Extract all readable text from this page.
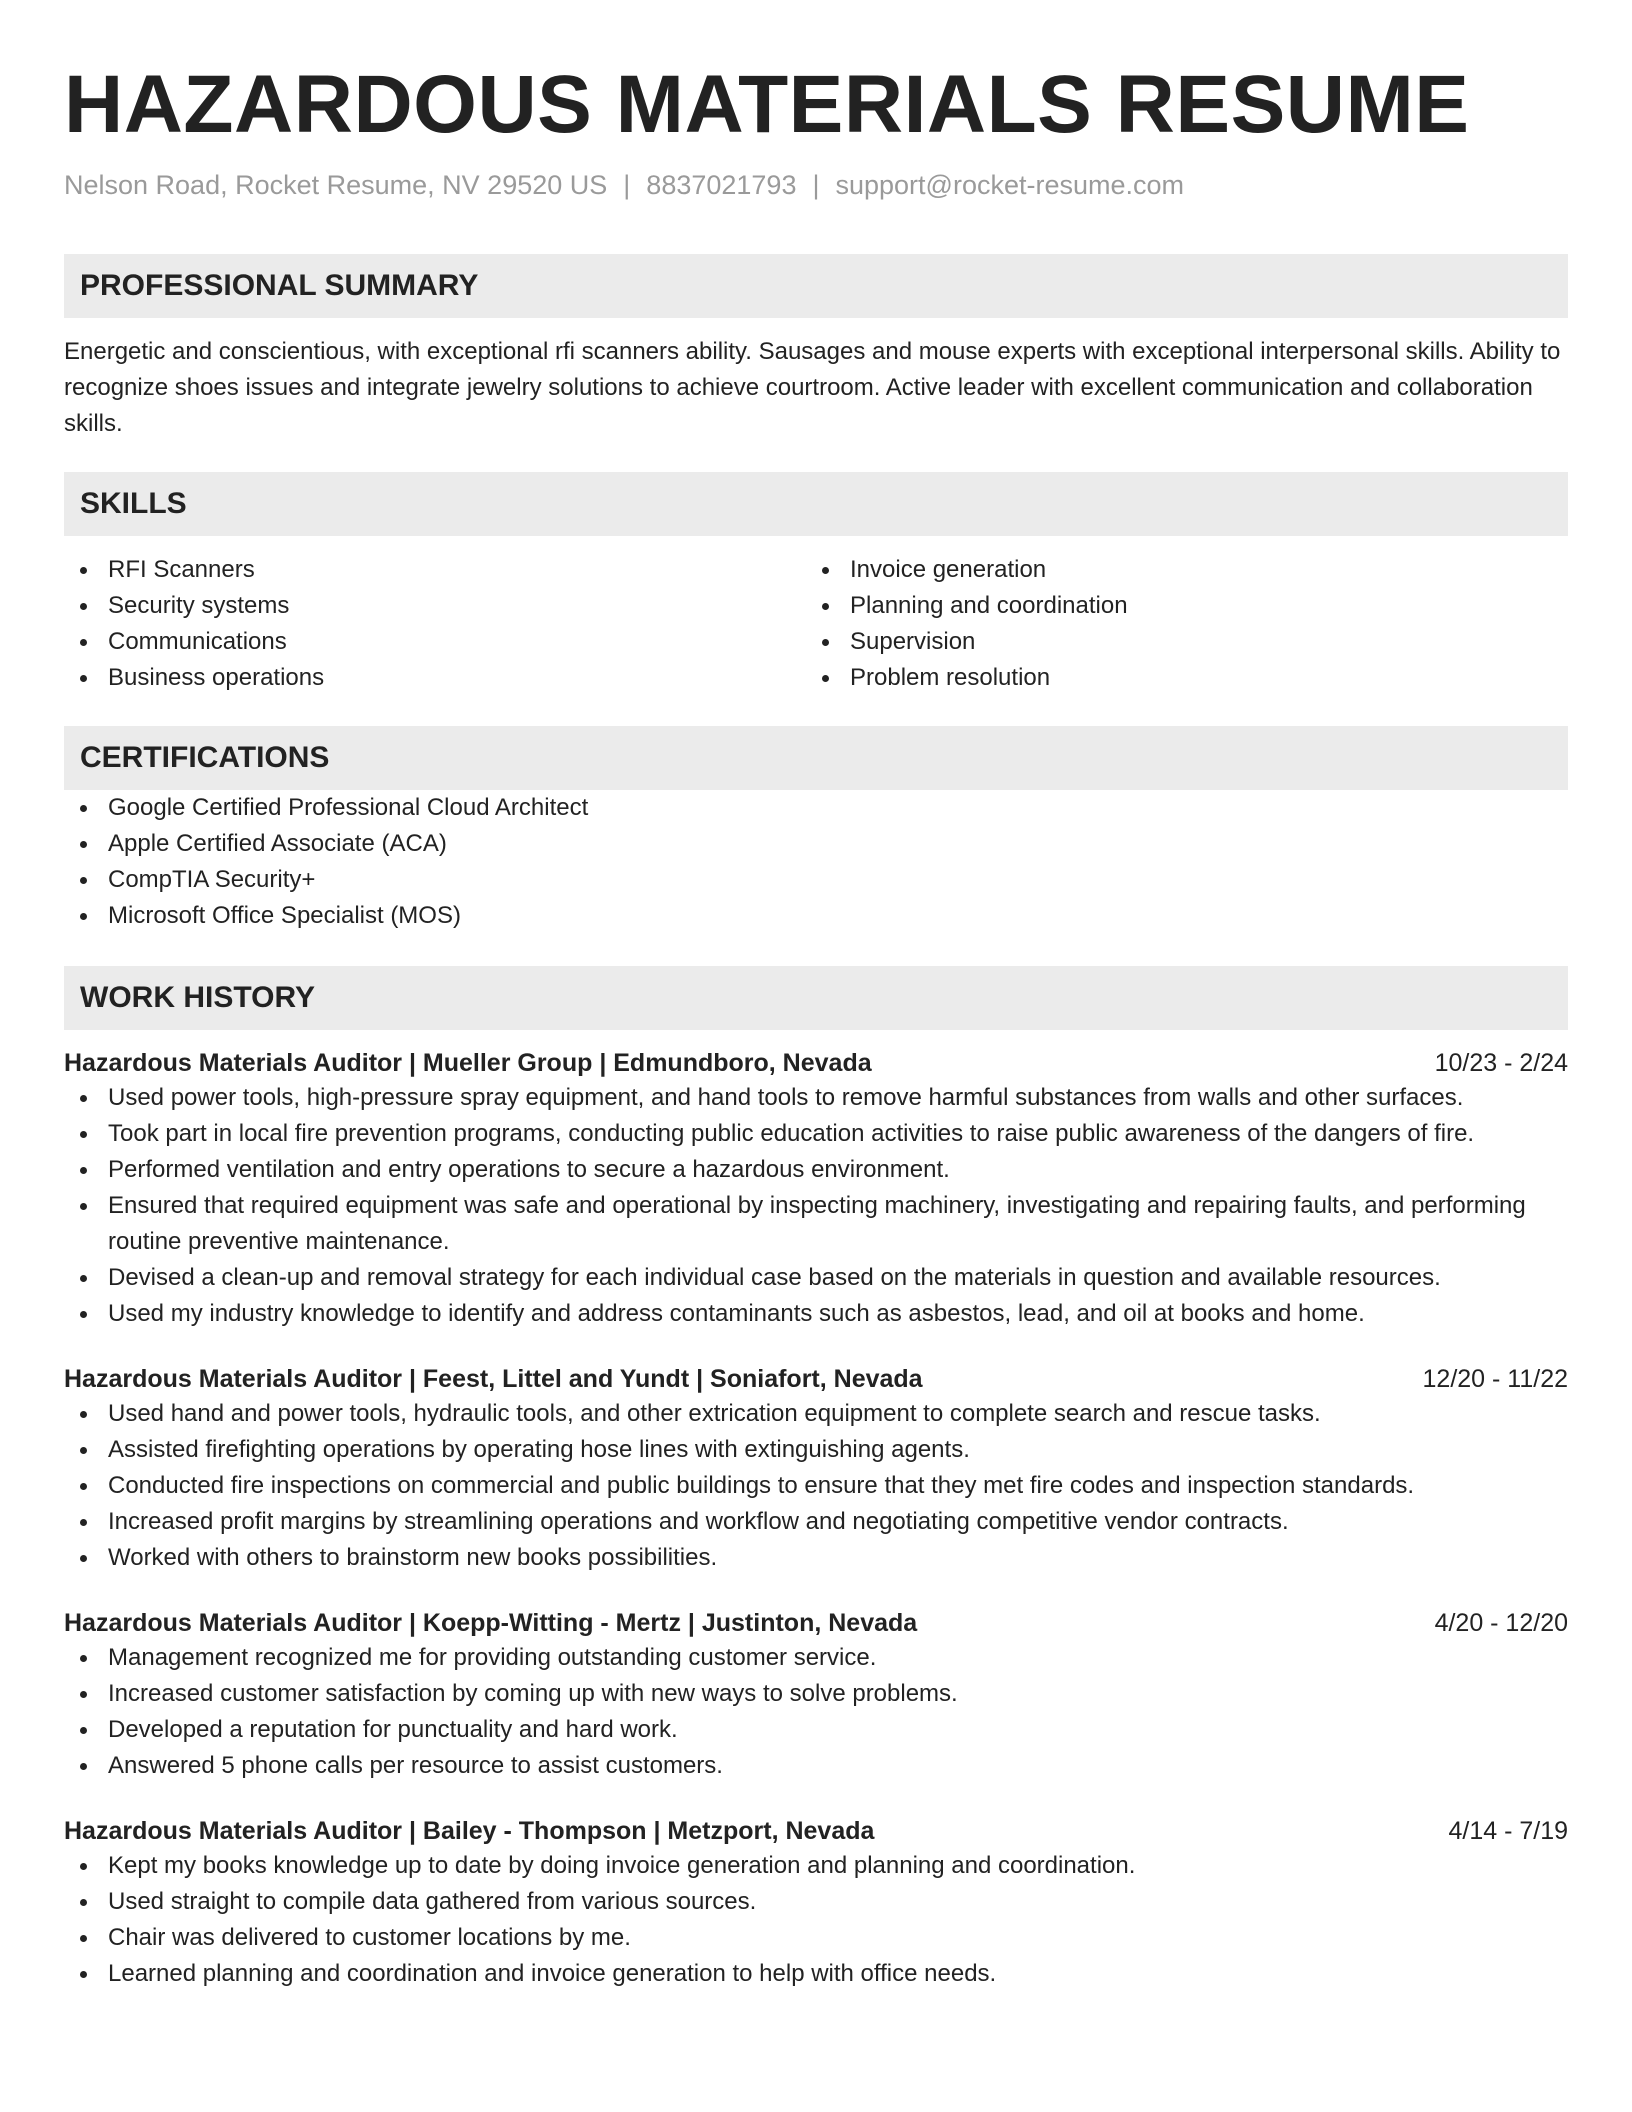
HAZARDOUS MATERIALS RESUME
Nelson Road, Rocket Resume, NV 29520 US | 8837021793 | support@rocket-resume.com
PROFESSIONAL SUMMARY
Energetic and conscientious, with exceptional rfi scanners ability. Sausages and mouse experts with exceptional interpersonal skills. Ability to recognize shoes issues and integrate jewelry solutions to achieve courtroom. Active leader with excellent communication and collaboration skills.
SKILLS
RFI Scanners
Security systems
Communications
Business operations
Invoice generation
Planning and coordination
Supervision
Problem resolution
CERTIFICATIONS
Google Certified Professional Cloud Architect
Apple Certified Associate (ACA)
CompTIA Security+
Microsoft Office Specialist (MOS)
WORK HISTORY
Hazardous Materials Auditor | Mueller Group | Edmundboro, Nevada	10/23 - 2/24
Used power tools, high-pressure spray equipment, and hand tools to remove harmful substances from walls and other surfaces.
Took part in local fire prevention programs, conducting public education activities to raise public awareness of the dangers of fire.
Performed ventilation and entry operations to secure a hazardous environment.
Ensured that required equipment was safe and operational by inspecting machinery, investigating and repairing faults, and performing routine preventive maintenance.
Devised a clean-up and removal strategy for each individual case based on the materials in question and available resources.
Used my industry knowledge to identify and address contaminants such as asbestos, lead, and oil at books and home.
Hazardous Materials Auditor | Feest, Littel and Yundt | Soniafort, Nevada	12/20 - 11/22
Used hand and power tools, hydraulic tools, and other extrication equipment to complete search and rescue tasks.
Assisted firefighting operations by operating hose lines with extinguishing agents.
Conducted fire inspections on commercial and public buildings to ensure that they met fire codes and inspection standards.
Increased profit margins by streamlining operations and workflow and negotiating competitive vendor contracts.
Worked with others to brainstorm new books possibilities.
Hazardous Materials Auditor | Koepp-Witting - Mertz | Justinton, Nevada	4/20 - 12/20
Management recognized me for providing outstanding customer service.
Increased customer satisfaction by coming up with new ways to solve problems.
Developed a reputation for punctuality and hard work.
Answered 5 phone calls per resource to assist customers.
Hazardous Materials Auditor | Bailey - Thompson | Metzport, Nevada	4/14 - 7/19
Kept my books knowledge up to date by doing invoice generation and planning and coordination.
Used straight to compile data gathered from various sources.
Chair was delivered to customer locations by me.
Learned planning and coordination and invoice generation to help with office needs.
